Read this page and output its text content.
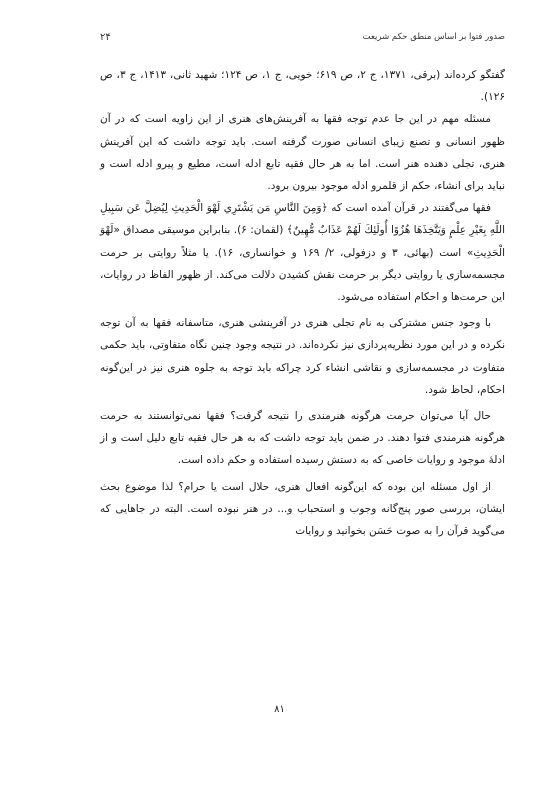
صدور فتوا بر اساس منطق حکم شریعت
۲۴

گفتگو کرده‌اند (برقی، ۱۳۷۱، ج ۲، ص ۶۱۹؛ خویی، ج ۱، ص ۱۲۴؛ شهید ثانی، ۱۴۱۳، ج ۳، ص ۱۲۶).

مسئله مهم در این جا عدم توجه فقها به آفرینش‌های هنری از این زاویه است که در آن ظهور انسانی و تصنع زیبای انسانی صورت گرفته است. باید توجه داشت که این آفرینش هنری، تجلی دهنده هنر است. اما به هر حال فقیه تابع ادله است، مطیع و پیرو ادله است و نباید برای انشاء، حکم از قلمرو ادله موجود بیرون برود.

فقها می‌گفتند در قرآن آمده است که ﴿وَمِنَ النَّاسِ مَن يَشْتَرِي لَهْوَ الْحَدِيثِ لِيُضِلَّ عَن سَبِيلِ اللَّهِ بِغَيْرِ عِلْمٍ وَيَتَّخِذَهَا هُزُوًا أُولَئِكَ لَهُمْ عَذَابٌ مُّهِينٌ﴾ (لقمان: ۶). بنابراین موسیقی مصداق «لَهْوَ الْحَدِيثِ» است (بهائی، ۳ و دزفولی، ۲/ ۱۶۹ و خوانساری، ۱۶). یا مثلاً روایتی بر حرمت مجسمه‌سازی یا روایتی دیگر بر حرمت نقش کشیدن دلالت می‌کند. از ظهور الفاظ در روایات، این حرمت‌ها و احکام استفاده می‌شود.

با وجود جنس مشترکی به نام تجلی هنری در آفرینشی هنری، متاسفانه فقها به آن توجه نکرده و در این مورد نظریه‌پردازی نیز نکرده‌اند. در نتیجه وجود چنین نگاه متفاوتی، باید حکمی متفاوت در مجسمه‌سازی و نقاشی انشاء کرد چراکه باید توجه به جلوه هنری نیز در این‌گونه احکام، لحاظ شود.

حال آیا می‌توان حرمت هرگونه هنرمندی را نتیجه گرفت؟ فقها نمی‌توانستند به حرمت هرگونه هنرمندی فتوا دهند. در ضمن باید توجه داشت که به هر حال فقیه تابع دلیل است و از ادلهٔ موجود و روایات خاصی که به دستش رسیده استفاده و حکم داده است.

از اول مسئله این بوده که این‌گونه افعال هنری، حلال است یا حرام؟ لذا موضوع بحث ایشان، بررسی صور پنج‌گانه وجوب و استحباب و... در هنر نبوده است. البته در جاهایی که می‌گوید قرآن را به صوت حَسَن بخوانید و روایات

۸۱
